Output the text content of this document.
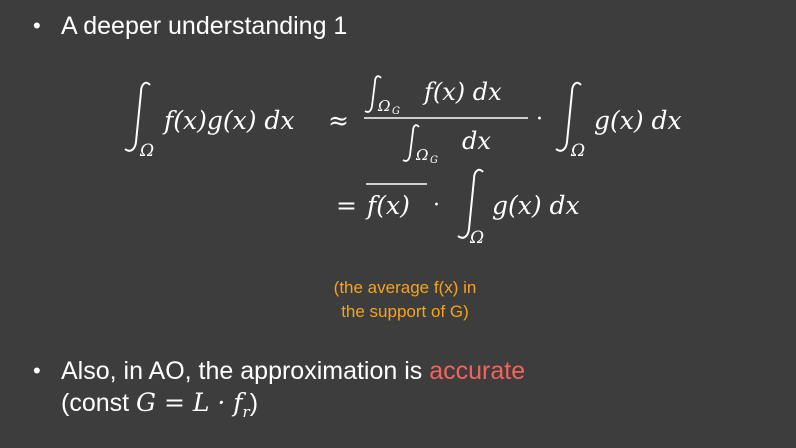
• A deeper understanding 1
Ω
f(x)g(x) dx ≈ Ω G
f(x) dx
Ω G
dx
·
Ω
g(x) dx
= f(x) ·
Ω
g(x) dx
(the average f(x) in
the support of G)
• Also, in AO, the approximation is accurate
(const $G = L \cdot f_r$)
